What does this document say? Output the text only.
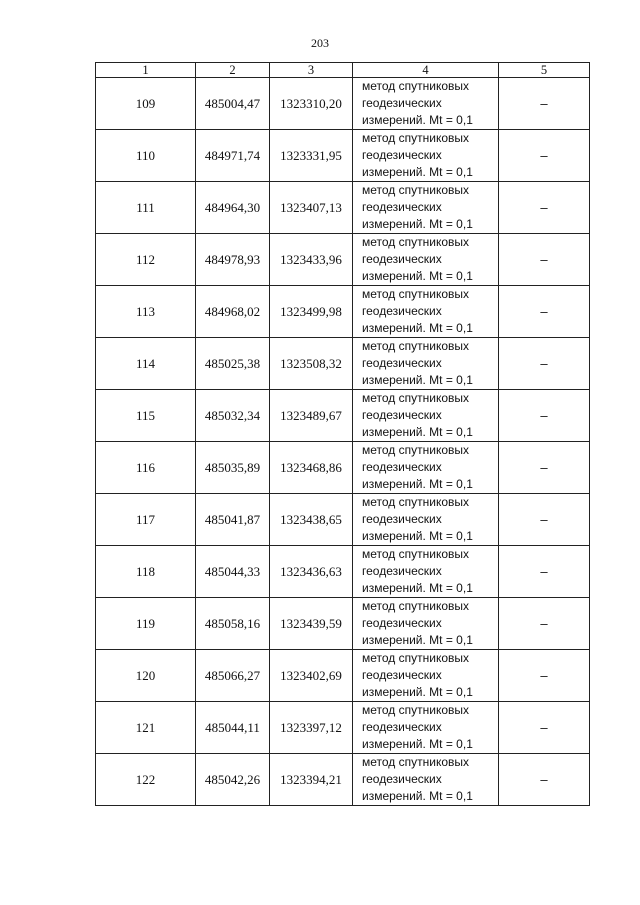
203
1	2	3	4	5
109	485004,47	1323310,20	метод спутниковых
геодезических
измерений. Mt = 0,1	–
110	484971,74	1323331,95	метод спутниковых
геодезических
измерений. Mt = 0,1	–
111	484964,30	1323407,13	метод спутниковых
геодезических
измерений. Mt = 0,1	–
112	484978,93	1323433,96	метод спутниковых
геодезических
измерений. Mt = 0,1	–
113	484968,02	1323499,98	метод спутниковых
геодезических
измерений. Mt = 0,1	–
114	485025,38	1323508,32	метод спутниковых
геодезических
измерений. Mt = 0,1	–
115	485032,34	1323489,67	метод спутниковых
геодезических
измерений. Mt = 0,1	–
116	485035,89	1323468,86	метод спутниковых
геодезических
измерений. Mt = 0,1	–
117	485041,87	1323438,65	метод спутниковых
геодезических
измерений. Mt = 0,1	–
118	485044,33	1323436,63	метод спутниковых
геодезических
измерений. Mt = 0,1	–
119	485058,16	1323439,59	метод спутниковых
геодезических
измерений. Mt = 0,1	–
120	485066,27	1323402,69	метод спутниковых
геодезических
измерений. Mt = 0,1	–
121	485044,11	1323397,12	метод спутниковых
геодезических
измерений. Mt = 0,1	–
122	485042,26	1323394,21	метод спутниковых
геодезических
измерений. Mt = 0,1	–
